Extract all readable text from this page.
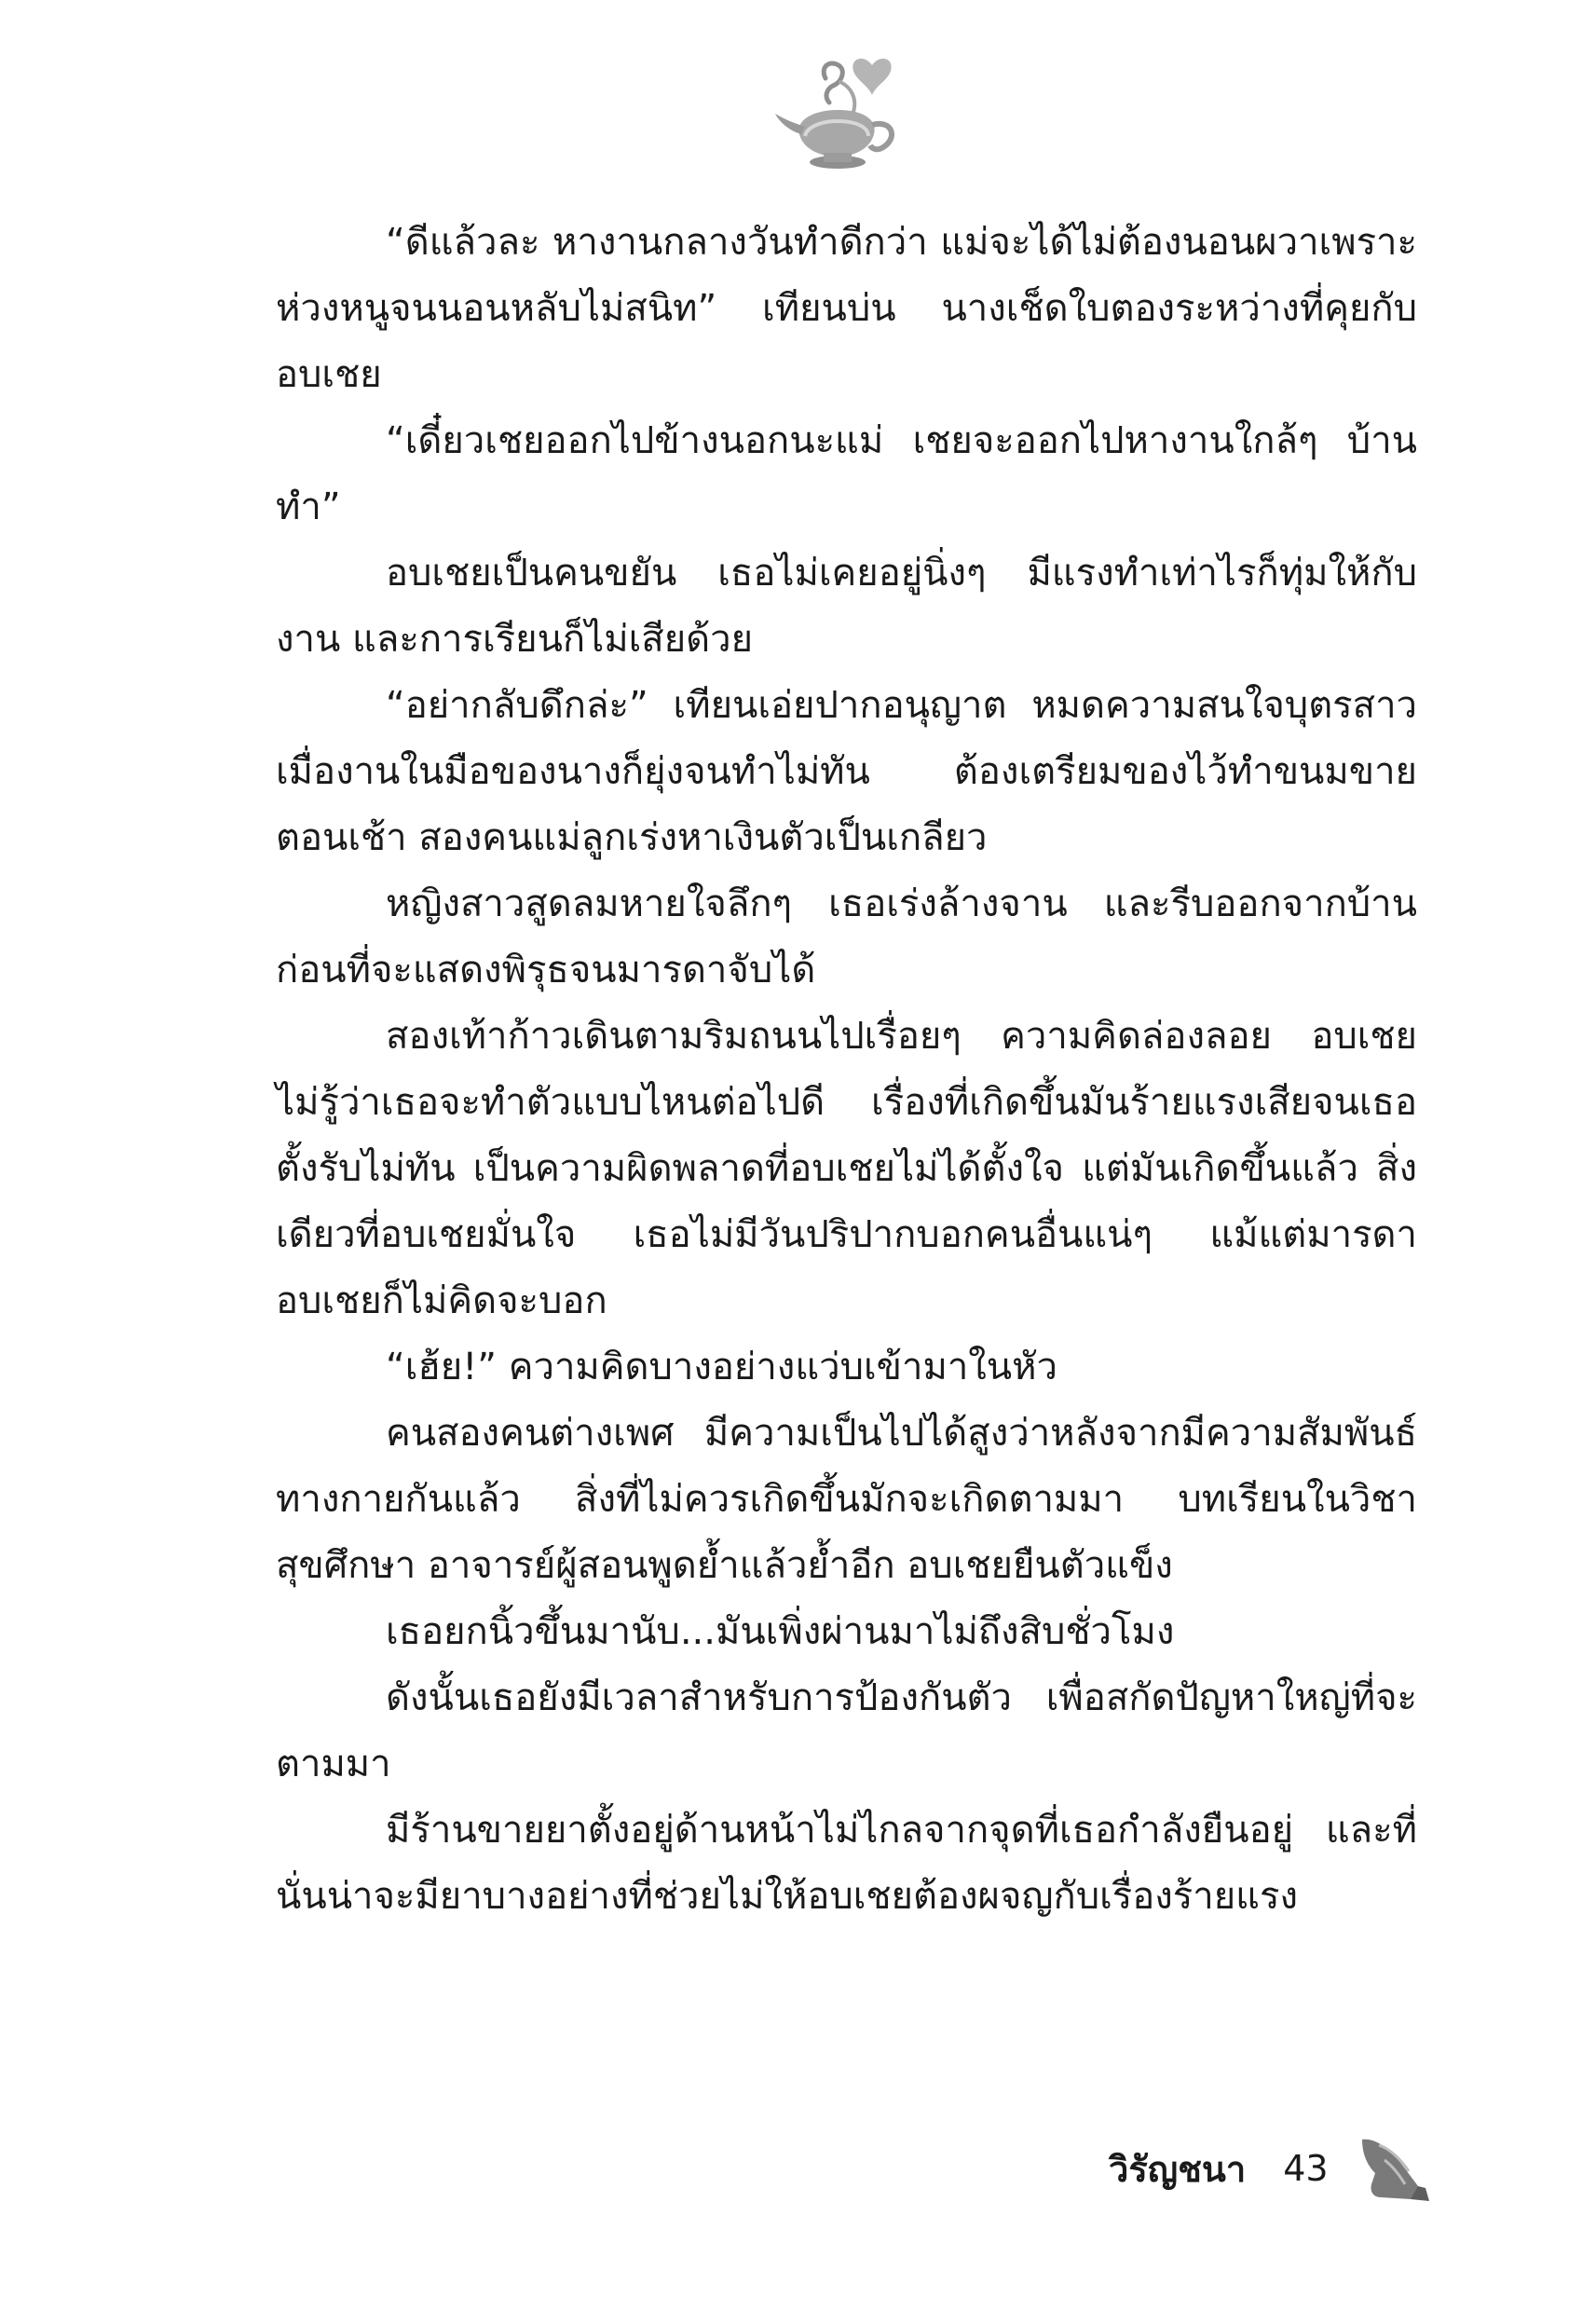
“ดีแล้วละ หางานกลางวันทำดีกว่า แม่จะได้ไม่ต้องนอนผวาเพราะห่วงหนูจนนอนหลับไม่สนิท” เทียนบ่น นางเช็ดใบตองระหว่างที่คุยกับอบเชย

“เดี๋ยวเชยออกไปข้างนอกนะแม่ เชยจะออกไปหางานใกล้ๆ บ้านทำ”

อบเชยเป็นคนขยัน เธอไม่เคยอยู่นิ่งๆ มีแรงทำเท่าไรก็ทุ่มให้กับงาน และการเรียนก็ไม่เสียด้วย

“อย่ากลับดึกล่ะ” เทียนเอ่ยปากอนุญาต หมดความสนใจบุตรสาวเมื่องานในมือของนางก็ยุ่งจนทำไม่ทัน ต้องเตรียมของไว้ทำขนมขายตอนเช้า สองคนแม่ลูกเร่งหาเงินตัวเป็นเกลียว

หญิงสาวสูดลมหายใจลึกๆ เธอเร่งล้างจาน และรีบออกจากบ้านก่อนที่จะแสดงพิรุธจนมารดาจับได้

สองเท้าก้าวเดินตามริมถนนไปเรื่อยๆ ความคิดล่องลอย อบเชยไม่รู้ว่าเธอจะทำตัวแบบไหนต่อไปดี เรื่องที่เกิดขึ้นมันร้ายแรงเสียจนเธอตั้งรับไม่ทัน เป็นความผิดพลาดที่อบเชยไม่ได้ตั้งใจ แต่มันเกิดขึ้นแล้ว สิ่งเดียวที่อบเชยมั่นใจ เธอไม่มีวันปริปากบอกคนอื่นแน่ๆ แม้แต่มารดาอบเชยก็ไม่คิดจะบอก

“เฮ้ย!” ความคิดบางอย่างแว่บเข้ามาในหัว

คนสองคนต่างเพศ มีความเป็นไปได้สูงว่าหลังจากมีความสัมพันธ์ทางกายกันแล้ว สิ่งที่ไม่ควรเกิดขึ้นมักจะเกิดตามมา บทเรียนในวิชาสุขศึกษา อาจารย์ผู้สอนพูดย้ำแล้วย้ำอีก อบเชยยืนตัวแข็ง

เธอยกนิ้วขึ้นมานับ...มันเพิ่งผ่านมาไม่ถึงสิบชั่วโมง

ดังนั้นเธอยังมีเวลาสำหรับการป้องกันตัว เพื่อสกัดปัญหาใหญ่ที่จะตามมา

มีร้านขายยาตั้งอยู่ด้านหน้าไม่ไกลจากจุดที่เธอกำลังยืนอยู่ และที่นั่นน่าจะมียาบางอย่างที่ช่วยไม่ให้อบเชยต้องผจญกับเรื่องร้ายแรง

วิรัญชนา 43
